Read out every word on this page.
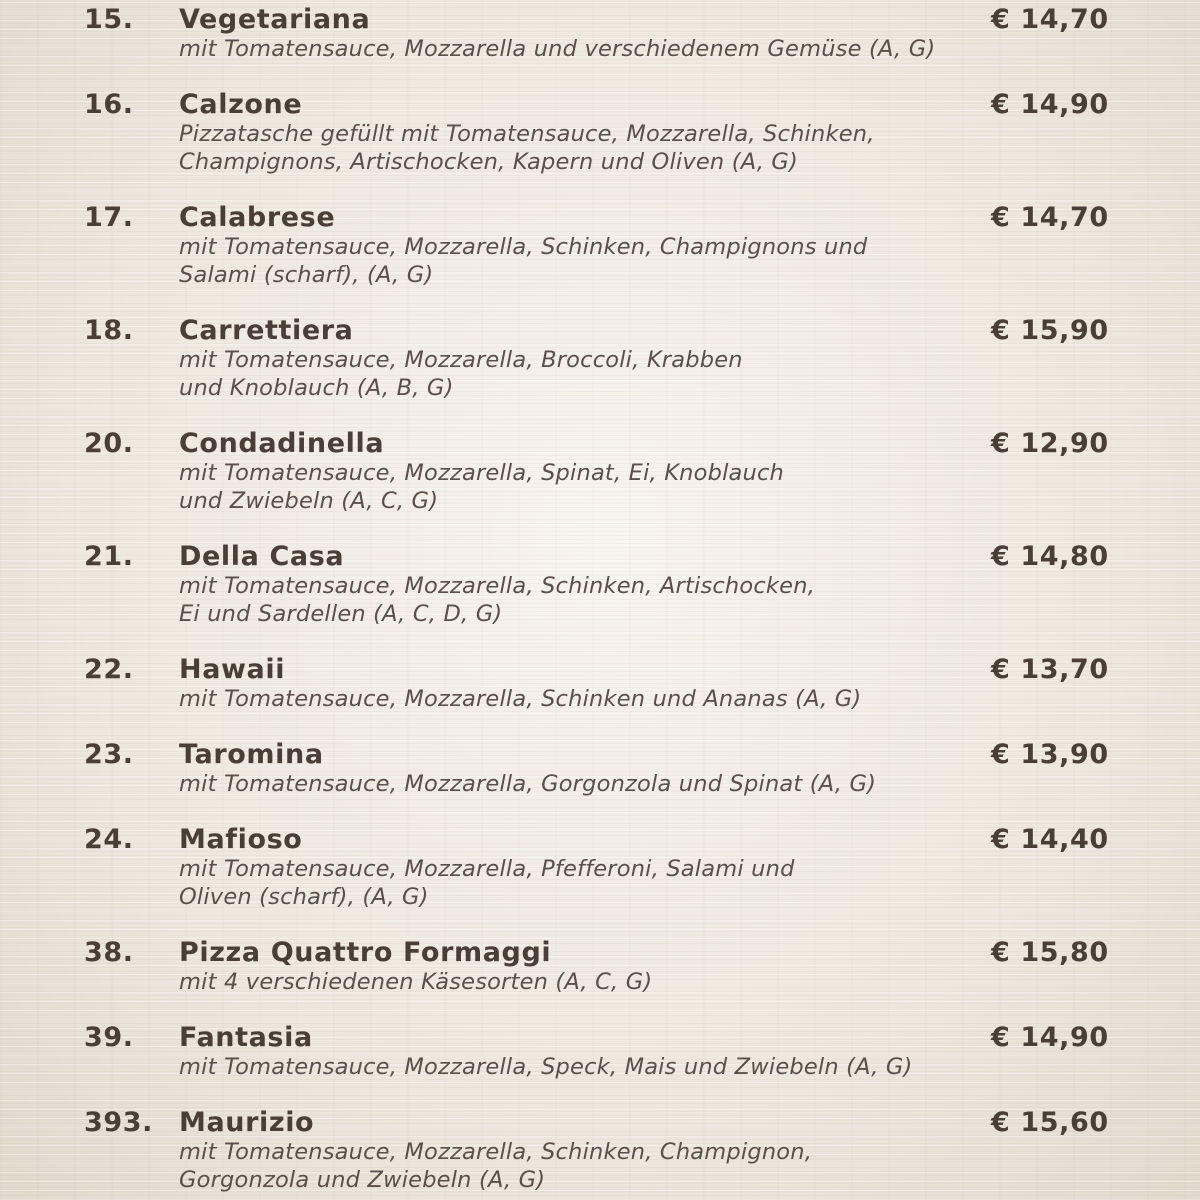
15. Vegetariana	€ 14,70
mit Tomatensauce, Mozzarella und verschiedenem Gemüse (A, G)
16. Calzone	€ 14,90
Pizzatasche gefüllt mit Tomatensauce, Mozzarella, Schinken,
Champignons, Artischocken, Kapern und Oliven (A, G)
17. Calabrese	€ 14,70
mit Tomatensauce, Mozzarella, Schinken, Champignons und
Salami (scharf), (A, G)
18. Carrettiera	€ 15,90
mit Tomatensauce, Mozzarella, Broccoli, Krabben
und Knoblauch (A, B, G)
20. Condadinella	€ 12,90
mit Tomatensauce, Mozzarella, Spinat, Ei, Knoblauch
und Zwiebeln (A, C, G)
21. Della Casa	€ 14,80
mit Tomatensauce, Mozzarella, Schinken, Artischocken,
Ei und Sardellen (A, C, D, G)
22. Hawaii	€ 13,70
mit Tomatensauce, Mozzarella, Schinken und Ananas (A, G)
23. Taromina	€ 13,90
mit Tomatensauce, Mozzarella, Gorgonzola und Spinat (A, G)
24. Mafioso	€ 14,40
mit Tomatensauce, Mozzarella, Pfefferoni, Salami und
Oliven (scharf), (A, G)
38. Pizza Quattro Formaggi	€ 15,80
mit 4 verschiedenen Käsesorten (A, C, G)
39. Fantasia	€ 14,90
mit Tomatensauce, Mozzarella, Speck, Mais und Zwiebeln (A, G)
393. Maurizio	€ 15,60
mit Tomatensauce, Mozzarella, Schinken, Champignon,
Gorgonzola und Zwiebeln (A, G)
